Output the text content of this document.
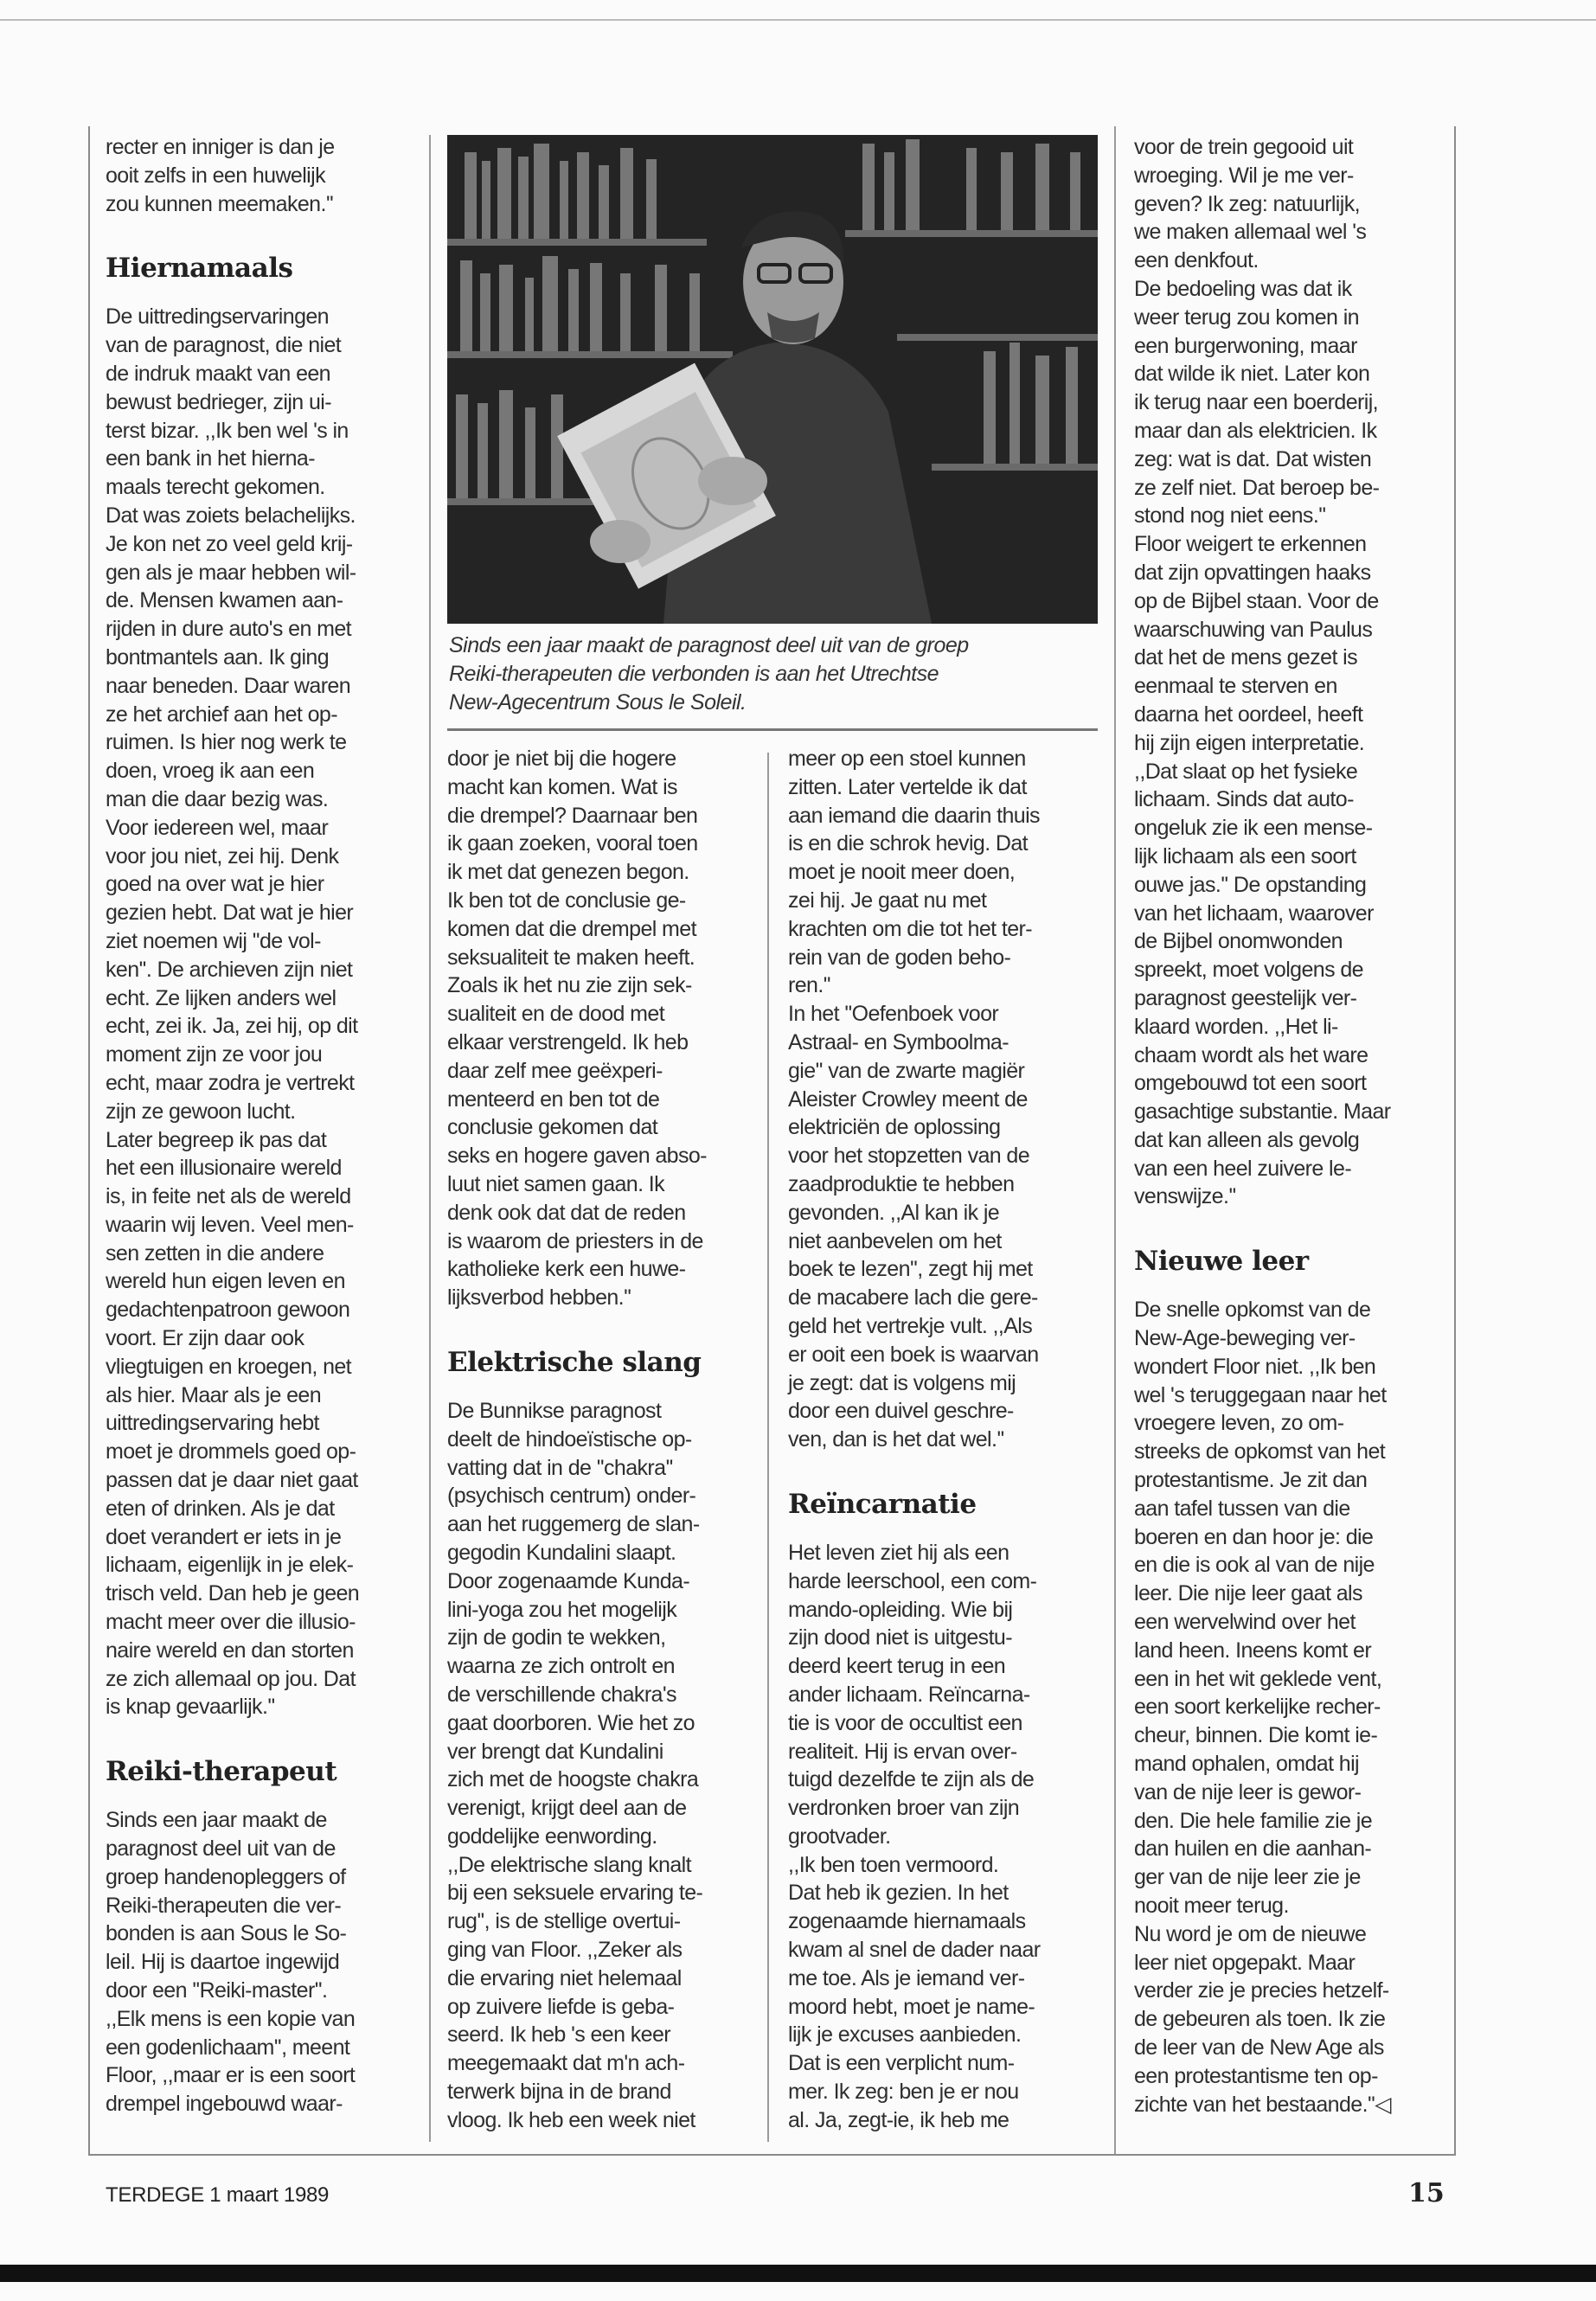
Sinds een jaar maakt de paragnost deel uit van de groep
Reiki-therapeuten die verbonden is aan het Utrechtse
New-Agecentrum Sous le Soleil.
recter en inniger is dan je
ooit zelfs in een huwelijk
zou kunnen meemaken.''
Hiernamaals
De uittredingservaringen
van de paragnost, die niet
de indruk maakt van een
bewust bedrieger, zijn ui-
terst bizar. ,,Ik ben wel 's in
een bank in het hierna-
maals terecht gekomen.
Dat was zoiets belachelijks.
Je kon net zo veel geld krij-
gen als je maar hebben wil-
de. Mensen kwamen aan-
rijden in dure auto's en met
bontmantels aan. Ik ging
naar beneden. Daar waren
ze het archief aan het op-
ruimen. Is hier nog werk te
doen, vroeg ik aan een
man die daar bezig was.
Voor iedereen wel, maar
voor jou niet, zei hij. Denk
goed na over wat je hier
gezien hebt. Dat wat je hier
ziet noemen wij ''de vol-
ken''. De archieven zijn niet
echt. Ze lijken anders wel
echt, zei ik. Ja, zei hij, op dit
moment zijn ze voor jou
echt, maar zodra je vertrekt
zijn ze gewoon lucht.
Later begreep ik pas dat
het een illusionaire wereld
is, in feite net als de wereld
waarin wij leven. Veel men-
sen zetten in die andere
wereld hun eigen leven en
gedachtenpatroon gewoon
voort. Er zijn daar ook
vliegtuigen en kroegen, net
als hier. Maar als je een
uittredingservaring hebt
moet je drommels goed op-
passen dat je daar niet gaat
eten of drinken. Als je dat
doet verandert er iets in je
lichaam, eigenlijk in je elek-
trisch veld. Dan heb je geen
macht meer over die illusio-
naire wereld en dan storten
ze zich allemaal op jou. Dat
is knap gevaarlijk.''
Reiki-therapeut
Sinds een jaar maakt de
paragnost deel uit van de
groep handenopleggers of
Reiki-therapeuten die ver-
bonden is aan Sous le So-
leil. Hij is daartoe ingewijd
door een ''Reiki-master''.
,,Elk mens is een kopie van
een godenlichaam'', meent
Floor, ,,maar er is een soort
drempel ingebouwd waar-
door je niet bij die hogere
macht kan komen. Wat is
die drempel? Daarnaar ben
ik gaan zoeken, vooral toen
ik met dat genezen begon.
Ik ben tot de conclusie ge-
komen dat die drempel met
seksualiteit te maken heeft.
Zoals ik het nu zie zijn sek-
sualiteit en de dood met
elkaar verstrengeld. Ik heb
daar zelf mee geëxperi-
menteerd en ben tot de
conclusie gekomen dat
seks en hogere gaven abso-
luut niet samen gaan. Ik
denk ook dat dat de reden
is waarom de priesters in de
katholieke kerk een huwe-
lijksverbod hebben.''
Elektrische slang
De Bunnikse paragnost
deelt de hindoeïstische op-
vatting dat in de ''chakra''
(psychisch centrum) onder-
aan het ruggemerg de slan-
gegodin Kundalini slaapt.
Door zogenaamde Kunda-
lini-yoga zou het mogelijk
zijn de godin te wekken,
waarna ze zich ontrolt en
de verschillende chakra's
gaat doorboren. Wie het zo
ver brengt dat Kundalini
zich met de hoogste chakra
verenigt, krijgt deel aan de
goddelijke eenwording.
,,De elektrische slang knalt
bij een seksuele ervaring te-
rug'', is de stellige overtui-
ging van Floor. ,,Zeker als
die ervaring niet helemaal
op zuivere liefde is geba-
seerd. Ik heb 's een keer
meegemaakt dat m'n ach-
terwerk bijna in de brand
vloog. Ik heb een week niet
meer op een stoel kunnen
zitten. Later vertelde ik dat
aan iemand die daarin thuis
is en die schrok hevig. Dat
moet je nooit meer doen,
zei hij. Je gaat nu met
krachten om die tot het ter-
rein van de goden beho-
ren.''
In het ''Oefenboek voor
Astraal- en Symboolma-
gie'' van de zwarte magiër
Aleister Crowley meent de
elektriciën de oplossing
voor het stopzetten van de
zaadproduktie te hebben
gevonden. ,,Al kan ik je
niet aanbevelen om het
boek te lezen'', zegt hij met
de macabere lach die gere-
geld het vertrekje vult. ,,Als
er ooit een boek is waarvan
je zegt: dat is volgens mij
door een duivel geschre-
ven, dan is het dat wel.''
Reïncarnatie
Het leven ziet hij als een
harde leerschool, een com-
mando-opleiding. Wie bij
zijn dood niet is uitgestu-
deerd keert terug in een
ander lichaam. Reïncarna-
tie is voor de occultist een
realiteit. Hij is ervan over-
tuigd dezelfde te zijn als de
verdronken broer van zijn
grootvader.
,,Ik ben toen vermoord.
Dat heb ik gezien. In het
zogenaamde hiernamaals
kwam al snel de dader naar
me toe. Als je iemand ver-
moord hebt, moet je name-
lijk je excuses aanbieden.
Dat is een verplicht num-
mer. Ik zeg: ben je er nou
al. Ja, zegt-ie, ik heb me
voor de trein gegooid uit
wroeging. Wil je me ver-
geven? Ik zeg: natuurlijk,
we maken allemaal wel 's
een denkfout.
De bedoeling was dat ik
weer terug zou komen in
een burgerwoning, maar
dat wilde ik niet. Later kon
ik terug naar een boerderij,
maar dan als elektricien. Ik
zeg: wat is dat. Dat wisten
ze zelf niet. Dat beroep be-
stond nog niet eens.''
Floor weigert te erkennen
dat zijn opvattingen haaks
op de Bijbel staan. Voor de
waarschuwing van Paulus
dat het de mens gezet is
eenmaal te sterven en
daarna het oordeel, heeft
hij zijn eigen interpretatie.
,,Dat slaat op het fysieke
lichaam. Sinds dat auto-
ongeluk zie ik een mense-
lijk lichaam als een soort
ouwe jas.'' De opstanding
van het lichaam, waarover
de Bijbel onomwonden
spreekt, moet volgens de
paragnost geestelijk ver-
klaard worden. ,,Het li-
chaam wordt als het ware
omgebouwd tot een soort
gasachtige substantie. Maar
dat kan alleen als gevolg
van een heel zuivere le-
venswijze.''
Nieuwe leer
De snelle opkomst van de
New-Age-beweging ver-
wondert Floor niet. ,,Ik ben
wel 's teruggegaan naar het
vroegere leven, zo om-
streeks de opkomst van het
protestantisme. Je zit dan
aan tafel tussen van die
boeren en dan hoor je: die
en die is ook al van de nije
leer. Die nije leer gaat als
een wervelwind over het
land heen. Ineens komt er
een in het wit geklede vent,
een soort kerkelijke recher-
cheur, binnen. Die komt ie-
mand ophalen, omdat hij
van de nije leer is gewor-
den. Die hele familie zie je
dan huilen en die aanhan-
ger van de nije leer zie je
nooit meer terug.
Nu word je om de nieuwe
leer niet opgepakt. Maar
verder zie je precies hetzelf-
de gebeuren als toen. Ik zie
de leer van de New Age als
een protestantisme ten op-
zichte van het bestaande.''◁
TERDEGE 1 maart 1989	15
